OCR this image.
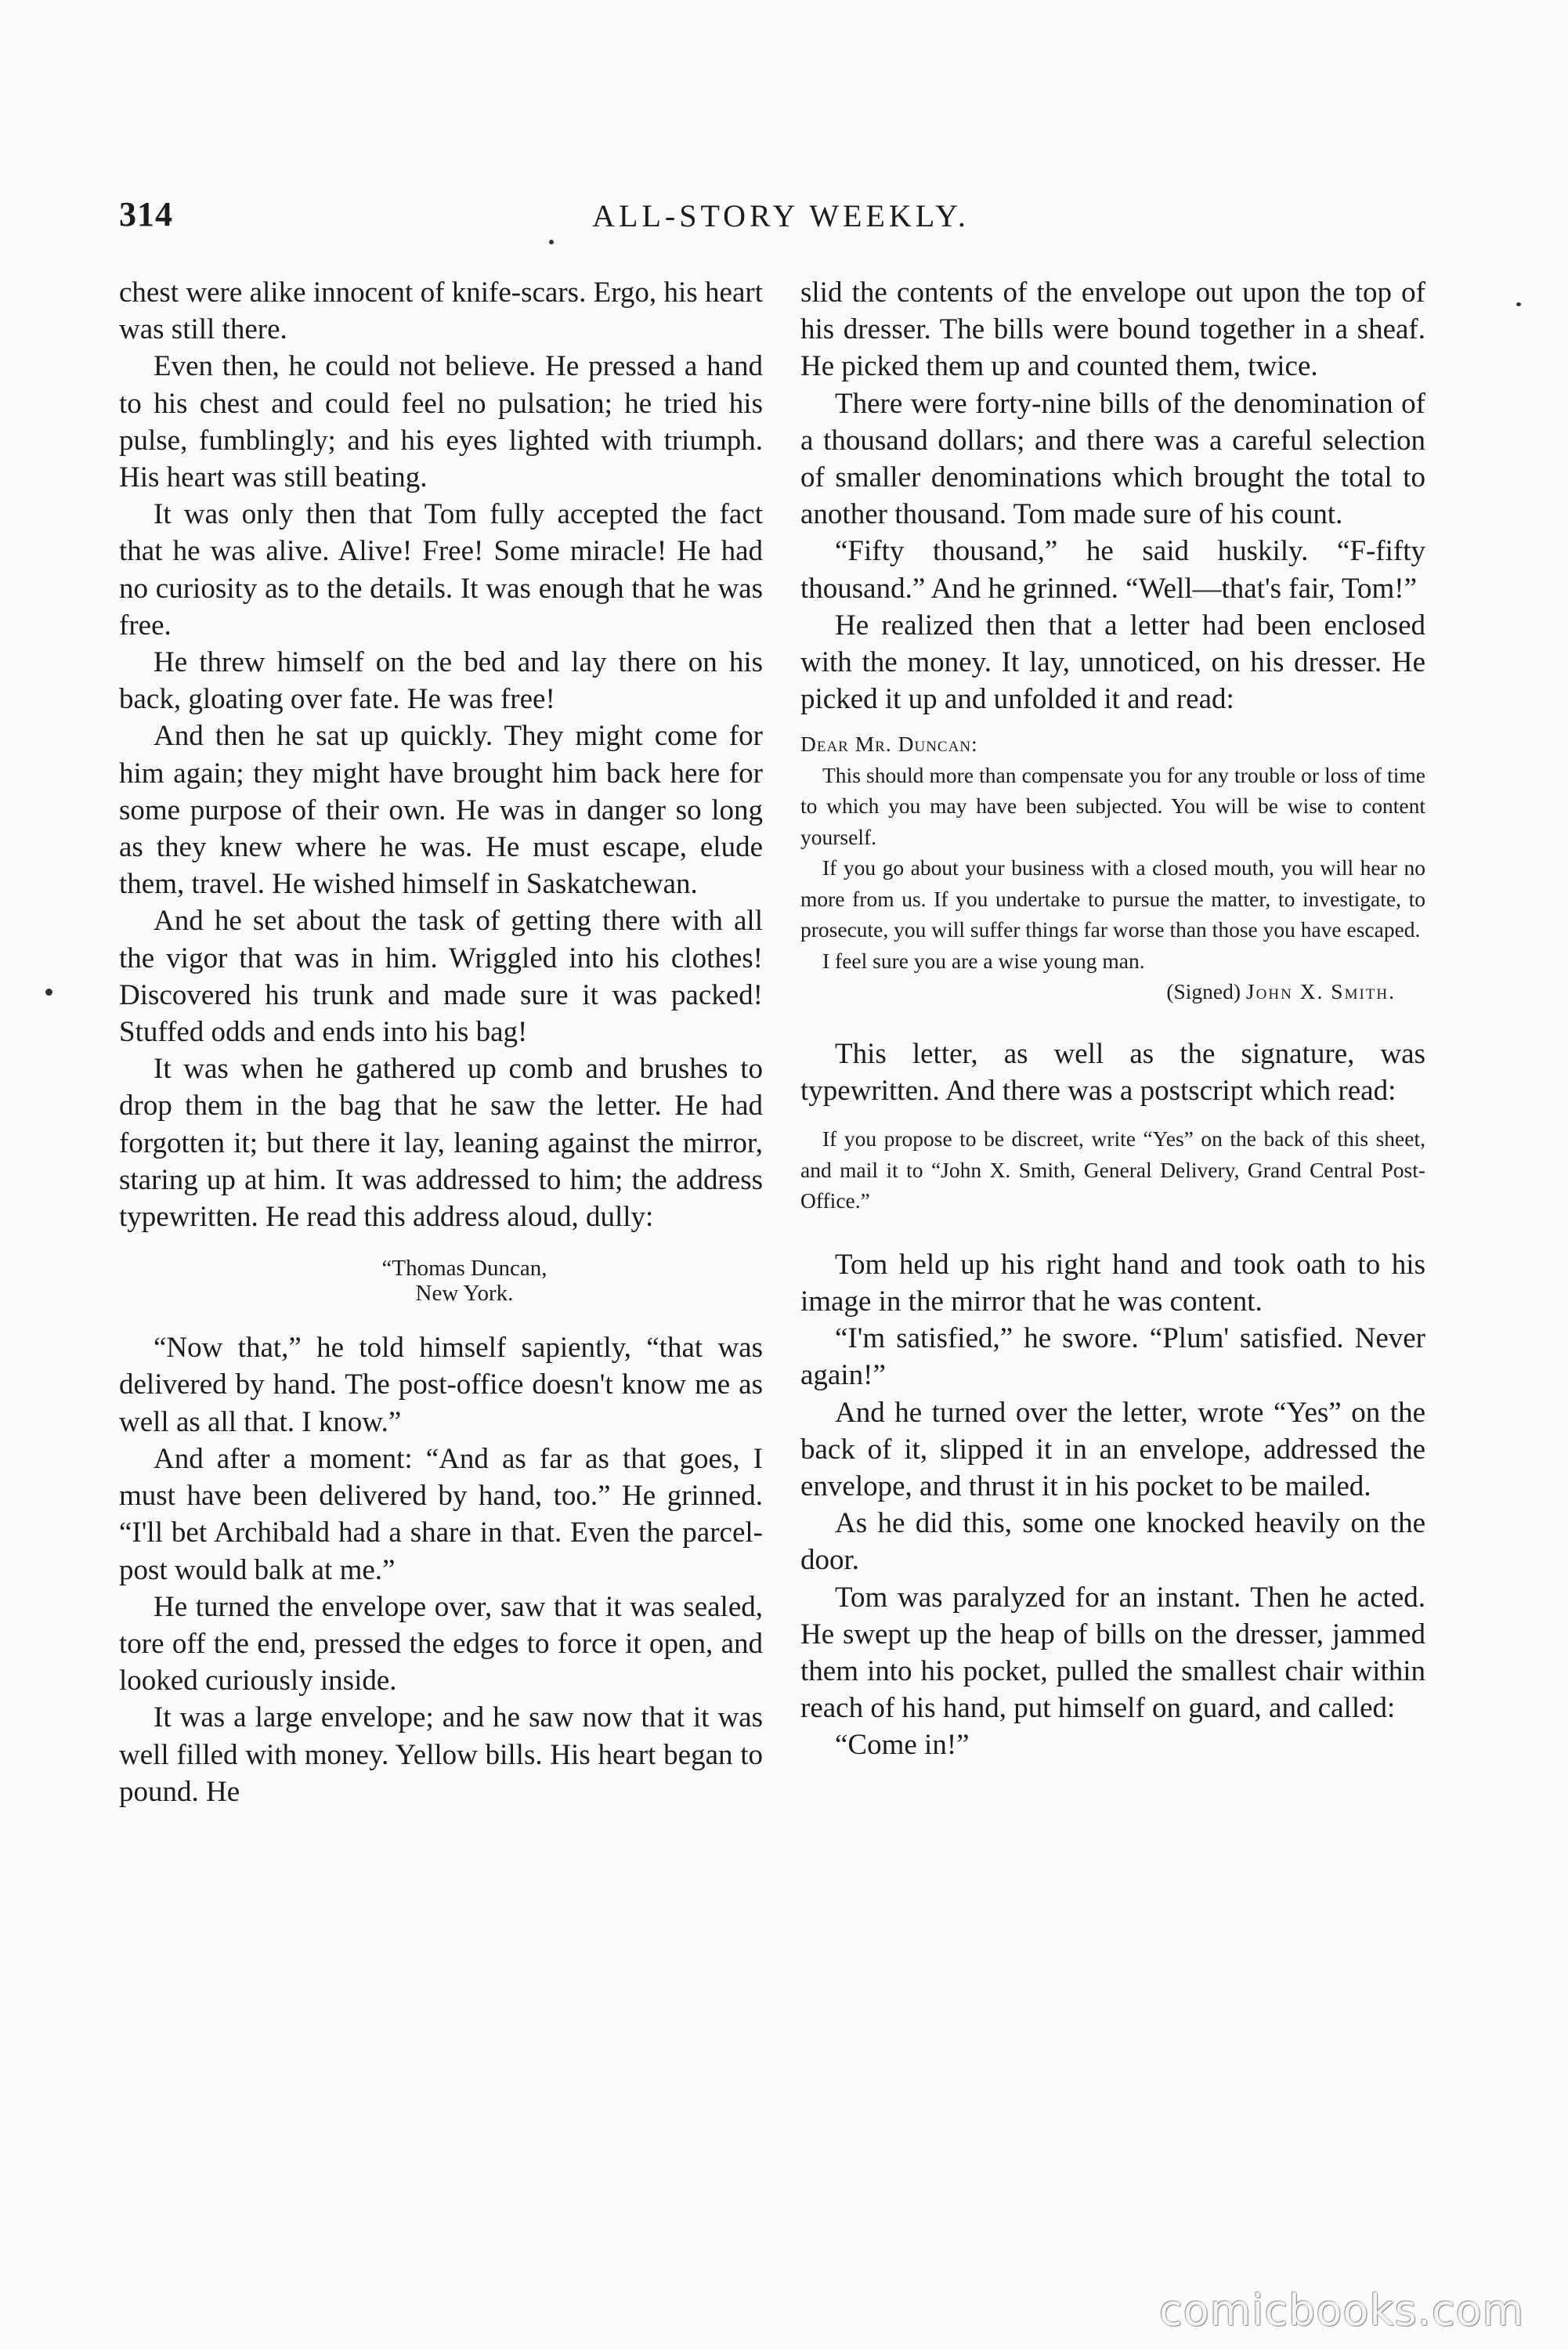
314	ALL-STORY WEEKLY.

chest were alike innocent of knife-scars. Ergo, his heart was still there.

Even then, he could not believe. He pressed a hand to his chest and could feel no pulsation; he tried his pulse, fumblingly; and his eyes lighted with triumph. His heart was still beating.

It was only then that Tom fully accepted the fact that he was alive. Alive! Free! Some miracle! He had no curiosity as to the details. It was enough that he was free.

He threw himself on the bed and lay there on his back, gloating over fate. He was free!

And then he sat up quickly. They might come for him again; they might have brought him back here for some purpose of their own. He was in danger so long as they knew where he was. He must escape, elude them, travel. He wished himself in Saskatchewan.

And he set about the task of getting there with all the vigor that was in him. Wriggled into his clothes! Discovered his trunk and made sure it was packed! Stuffed odds and ends into his bag!

It was when he gathered up comb and brushes to drop them in the bag that he saw the letter. He had forgotten it; but there it lay, leaning against the mirror, staring up at him. It was addressed to him; the address typewritten. He read this address aloud, dully:

“Thomas Duncan,
New York.

“Now that,” he told himself sapiently, “that was delivered by hand. The post-office doesn't know me as well as all that. I know.”

And after a moment: “And as far as that goes, I must have been delivered by hand, too.” He grinned. “I'll bet Archibald had a share in that. Even the parcel-post would balk at me.”

He turned the envelope over, saw that it was sealed, tore off the end, pressed the edges to force it open, and looked curiously inside.

It was a large envelope; and he saw now that it was well filled with money. Yellow bills. His heart began to pound. He

slid the contents of the envelope out upon the top of his dresser. The bills were bound together in a sheaf. He picked them up and counted them, twice.

There were forty-nine bills of the denomination of a thousand dollars; and there was a careful selection of smaller denominations which brought the total to another thousand. Tom made sure of his count.

“Fifty thousand,” he said huskily. “F-fifty thousand.” And he grinned. “Well—that's fair, Tom!”

He realized then that a letter had been enclosed with the money. It lay, unnoticed, on his dresser. He picked it up and unfolded it and read:

Dear Mr. Duncan:

This should more than compensate you for any trouble or loss of time to which you may have been subjected. You will be wise to content yourself.

If you go about your business with a closed mouth, you will hear no more from us. If you undertake to pursue the matter, to investigate, to prosecute, you will suffer things far worse than those you have escaped.

I feel sure you are a wise young man.

(Signed) John X. Smith.

This letter, as well as the signature, was typewritten. And there was a postscript which read:

If you propose to be discreet, write “Yes” on the back of this sheet, and mail it to “John X. Smith, General Delivery, Grand Central Post-Office.”

Tom held up his right hand and took oath to his image in the mirror that he was content.

“I'm satisfied,” he swore. “Plum' satisfied. Never again!”

And he turned over the letter, wrote “Yes” on the back of it, slipped it in an envelope, addressed the envelope, and thrust it in his pocket to be mailed.

As he did this, some one knocked heavily on the door.

Tom was paralyzed for an instant. Then he acted. He swept up the heap of bills on the dresser, jammed them into his pocket, pulled the smallest chair within reach of his hand, put himself on guard, and called:

“Come in!”

comicbooks.com
